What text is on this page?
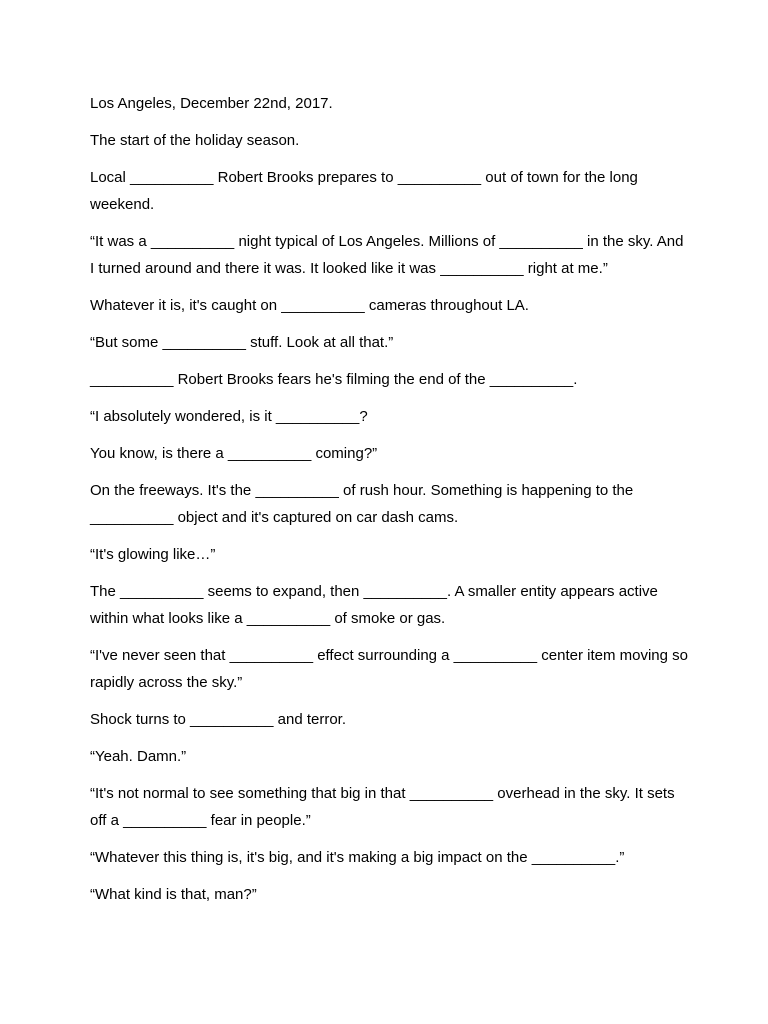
Los Angeles, December 22nd, 2017.

The start of the holiday season.

Local __________ Robert Brooks prepares to __________ out of town for the long weekend.

“It was a __________ night typical of Los Angeles. Millions of __________ in the sky. And I turned around and there it was. It looked like it was __________ right at me.”

Whatever it is, it's caught on __________ cameras throughout LA.

“But some __________ stuff. Look at all that.”

__________ Robert Brooks fears he's filming the end of the __________.

“I absolutely wondered, is it __________?

You know, is there a __________ coming?”

On the freeways. It's the __________ of rush hour. Something is happening to the __________ object and it's captured on car dash cams.

“It's glowing like…”

The __________ seems to expand, then __________. A smaller entity appears active within what looks like a __________ of smoke or gas.

“I've never seen that __________ effect surrounding a __________ center item moving so rapidly across the sky.”

Shock turns to __________ and terror.

“Yeah. Damn.”

“It's not normal to see something that big in that __________ overhead in the sky. It sets off a __________ fear in people.”

“Whatever this thing is, it's big, and it's making a big impact on the __________.”

“What kind is that, man?”
